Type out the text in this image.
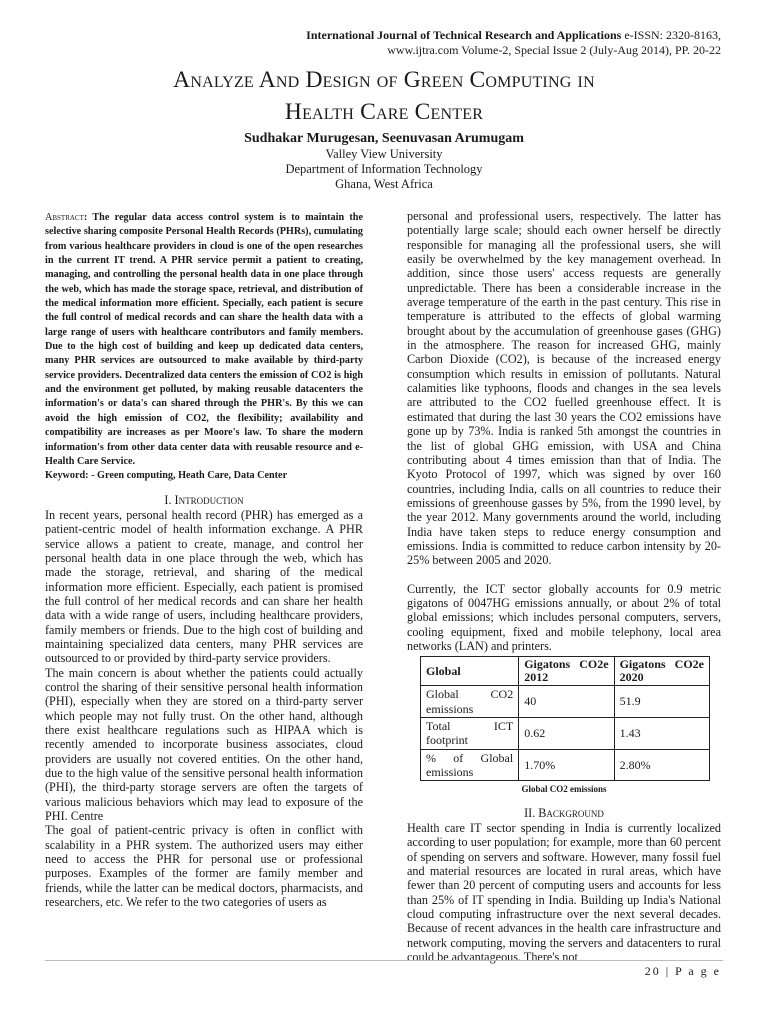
International Journal of Technical Research and Applications e-ISSN: 2320-8163,
www.ijtra.com Volume-2, Special Issue 2 (July-Aug 2014), PP. 20-22
Analyze And Design of Green Computing in
Health Care Center
Sudhakar Murugesan, Seenuvasan Arumugam
Valley View University
Department of Information Technology
Ghana, West Africa

Abstract: The regular data access control system is to maintain the selective sharing composite Personal Health Records (PHRs), cumulating from various healthcare providers in cloud is one of the open researches in the current IT trend. A PHR service permit a patient to creating, managing, and controlling the personal health data in one place through the web, which has made the storage space, retrieval, and distribution of the medical information more efficient. Specially, each patient is secure the full control of medical records and can share the health data with a large range of users with healthcare contributors and family members. Due to the high cost of building and keep up dedicated data centers, many PHR services are outsourced to make available by third-party service providers. Decentralized data centers the emission of CO2 is high and the environment get polluted, by making reusable datacenters the information's or data's can shared through the PHR's. By this we can avoid the high emission of CO2, the flexibility; availability and compatibility are increases as per Moore's law. To share the modern information's from other data center data with reusable resource and e-Health Care Service.

Keyword: - Green computing, Heath Care, Data Center

I. Introduction

In recent years, personal health record (PHR) has emerged as a patient-centric model of health information exchange. A PHR service allows a patient to create, manage, and control her personal health data in one place through the web, which has made the storage, retrieval, and sharing of the medical information more efficient. Especially, each patient is promised the full control of her medical records and can share her health data with a wide range of users, including healthcare providers, family members or friends. Due to the high cost of building and maintaining specialized data centers, many PHR services are outsourced to or provided by third-party service providers.

The main concern is about whether the patients could actually control the sharing of their sensitive personal health information (PHI), especially when they are stored on a third-party server which people may not fully trust. On the other hand, although there exist healthcare regulations such as HIPAA which is recently amended to incorporate business associates, cloud providers are usually not covered entities. On the other hand, due to the high value of the sensitive personal health information (PHI), the third-party storage servers are often the targets of various malicious behaviors which may lead to exposure of the PHI. Centre

The goal of patient-centric privacy is often in conflict with scalability in a PHR system. The authorized users may either need to access the PHR for personal use or professional purposes. Examples of the former are family member and friends, while the latter can be medical doctors, pharmacists, and researchers, etc. We refer to the two categories of users as

personal and professional users, respectively. The latter has potentially large scale; should each owner herself be directly responsible for managing all the professional users, she will easily be overwhelmed by the key management overhead. In addition, since those users' access requests are generally unpredictable. There has been a considerable increase in the average temperature of the earth in the past century. This rise in temperature is attributed to the effects of global warming brought about by the accumulation of greenhouse gases (GHG) in the atmosphere. The reason for increased GHG, mainly Carbon Dioxide (CO2), is because of the increased energy consumption which results in emission of pollutants. Natural calamities like typhoons, floods and changes in the sea levels are attributed to the CO2 fuelled greenhouse effect. It is estimated that during the last 30 years the CO2 emissions have gone up by 73%. India is ranked 5th amongst the countries in the list of global GHG emission, with USA and China contributing about 4 times emission than that of India. The Kyoto Protocol of 1997, which was signed by over 160 countries, including India, calls on all countries to reduce their emissions of greenhouse gasses by 5%, from the 1990 level, by the year 2012. Many governments around the world, including India have taken steps to reduce energy consumption and emissions. India is committed to reduce carbon intensity by 20-25% between 2005 and 2020.

Currently, the ICT sector globally accounts for 0.9 metric gigatons of 0047HG emissions annually, or about 2% of total global emissions; which includes personal computers, servers, cooling equipment, fixed and mobile telephony, local area networks (LAN) and printers.

Global	Gigatons CO2e 2012	Gigatons CO2e 2020
Global CO2 emissions	40	51.9
Total ICT footprint	0.62	1.43
% of Global emissions	1.70%	2.80%
Global CO2 emissions
II. Background

Health care IT sector spending in India is currently localized according to user population; for example, more than 60 percent of spending on servers and software. However, many fossil fuel and material resources are located in rural areas, which have fewer than 20 percent of computing users and accounts for less than 25% of IT spending in India. Building up India's National cloud computing infrastructure over the next several decades. Because of recent advances in the health care infrastructure and network computing, moving the servers and datacenters to rural could be advantageous. There's not

20 | P a g e
